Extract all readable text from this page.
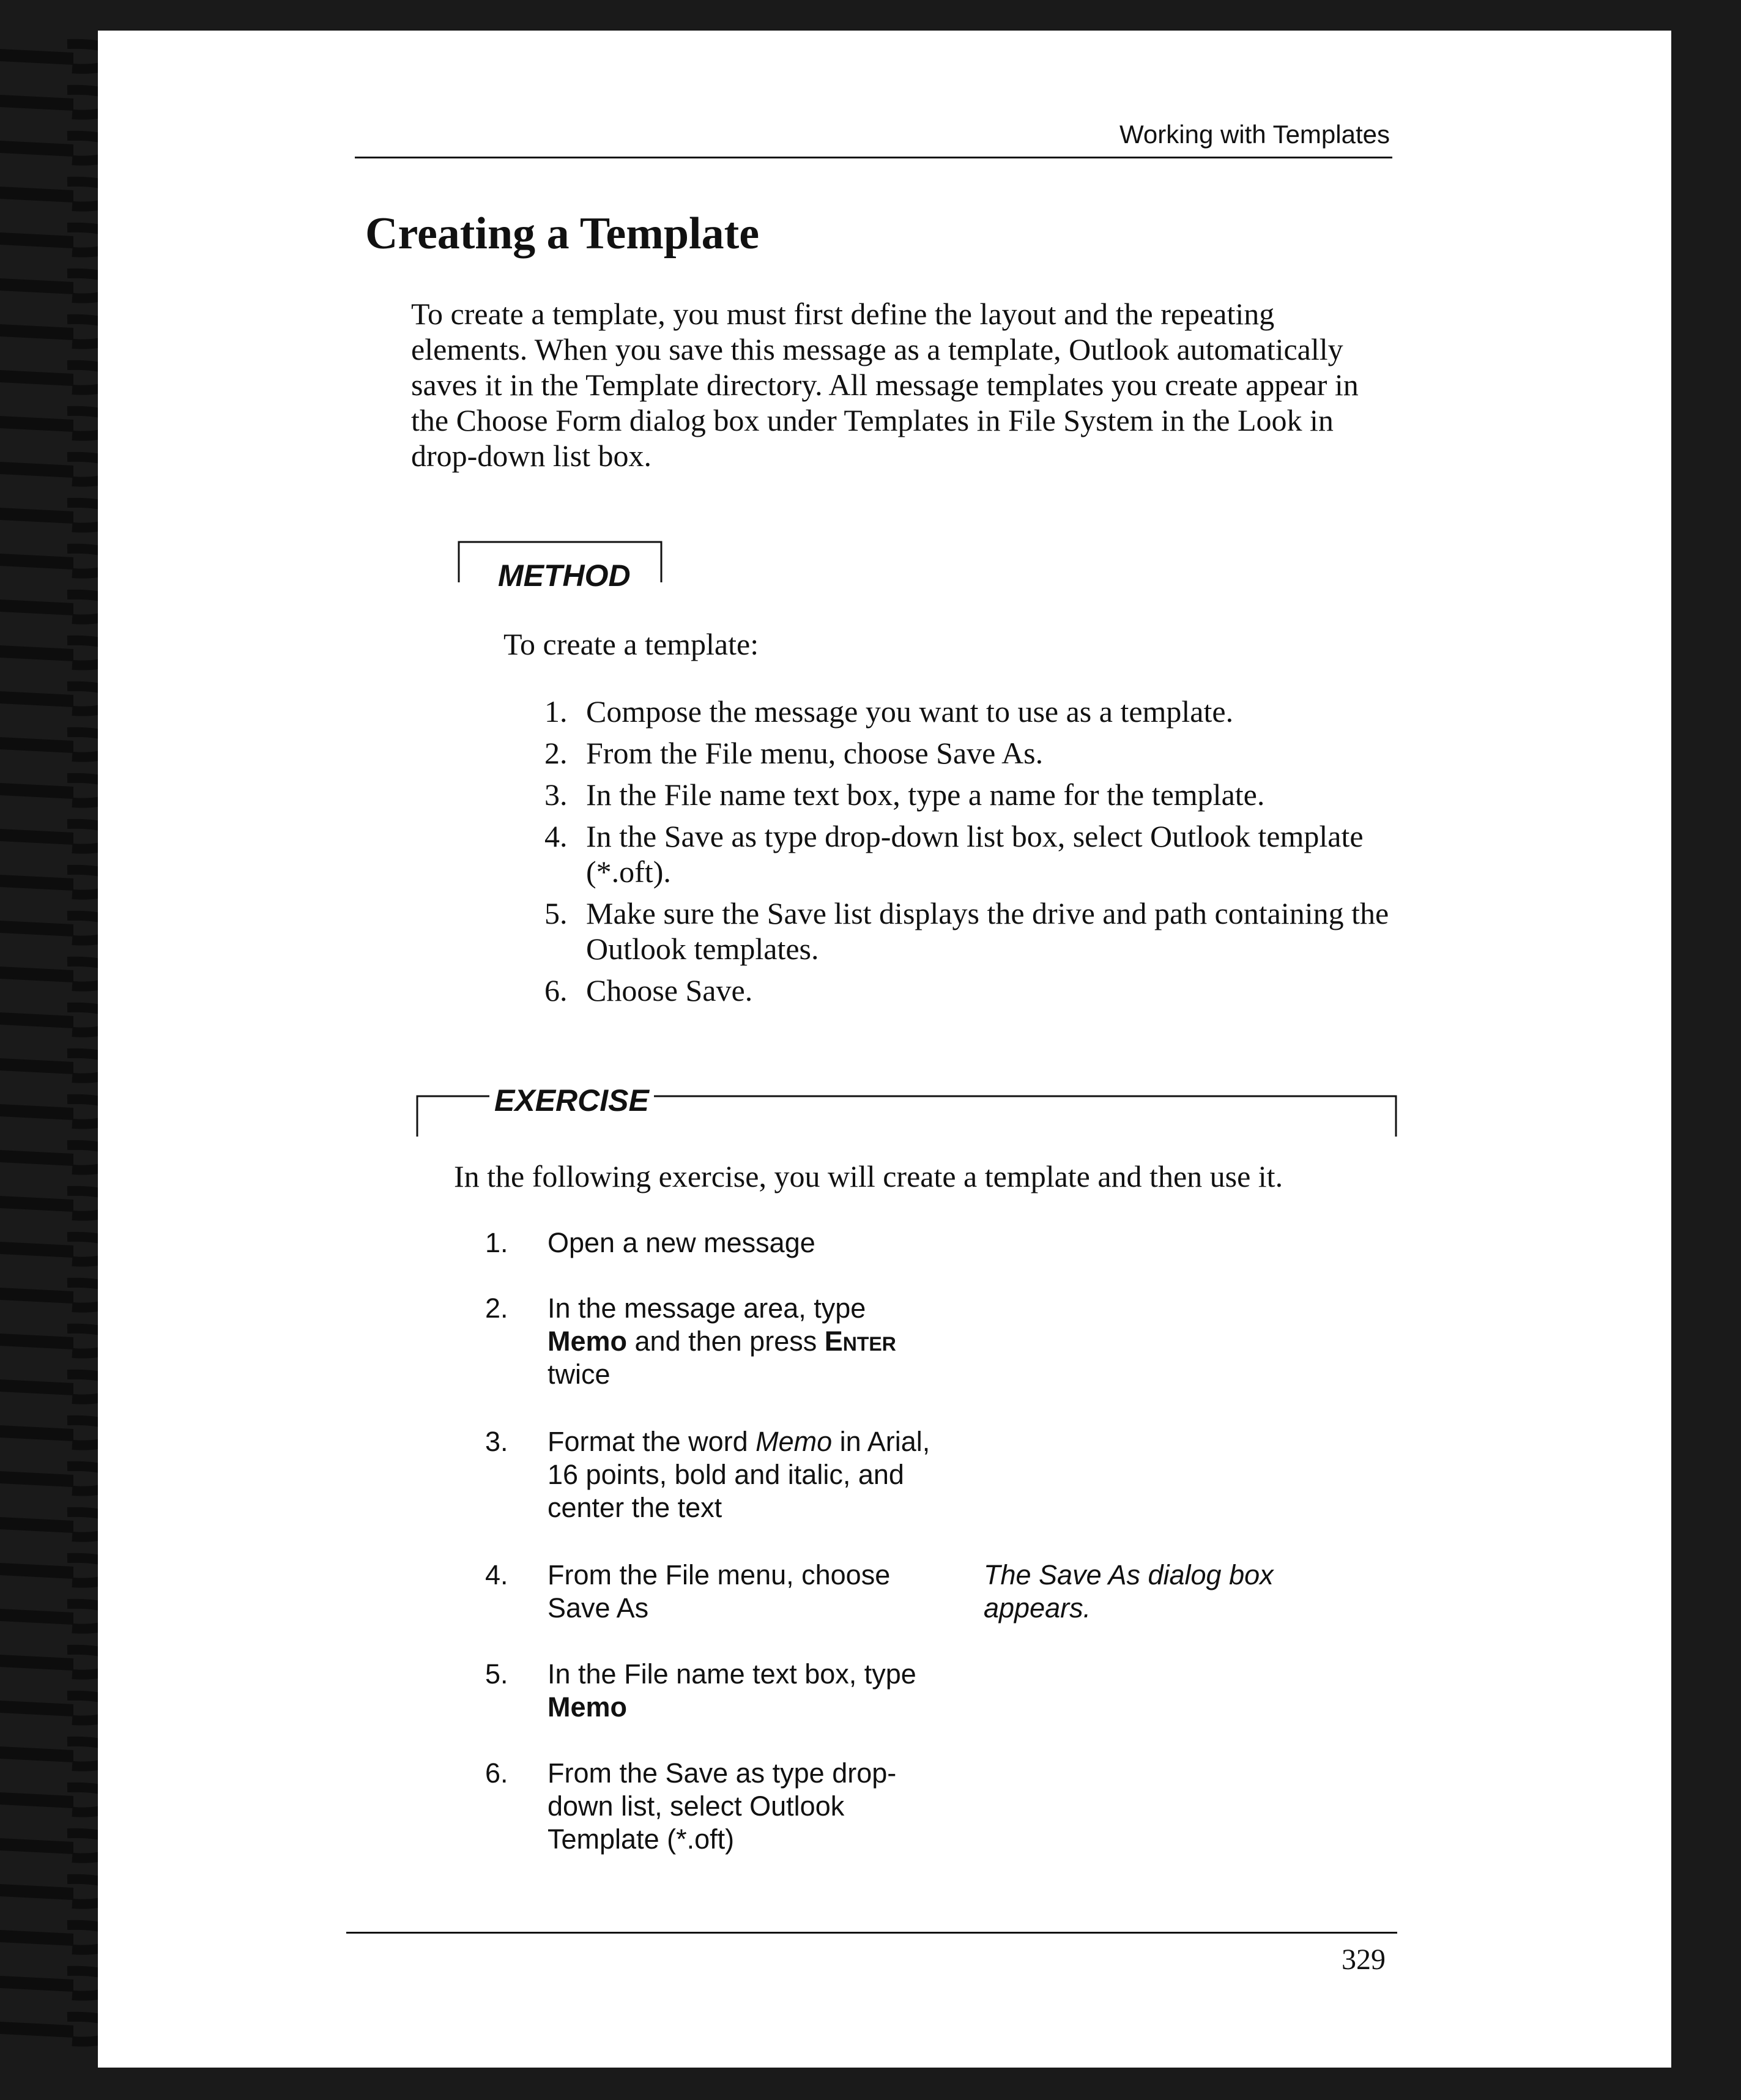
Working with Templates
Creating a Template

To create a template, you must first define the layout and the repeating elements. When you save this message as a template, Outlook automatically saves it in the Template directory. All message templates you create appear in the Choose Form dialog box under Templates in File System in the Look in drop-down list box.

METHOD

To create a template:

1. Compose the message you want to use as a template.
2. From the File menu, choose Save As.
3. In the File name text box, type a name for the template.
4. In the Save as type drop-down list box, select Outlook template (*.oft).
5. Make sure the Save list displays the drive and path containing the Outlook templates.
6. Choose Save.
EXERCISE

In the following exercise, you will create a template and then use it.

1. Open a new message
2. In the message area, type Memo and then press Enter twice
3. Format the word Memo in Arial, 16 points, bold and italic, and center the text
4. From the File menu, choose Save As
The Save As dialog box appears.
5. In the File name text box, type Memo
6. From the Save as type drop-down list, select Outlook Template (*.oft)
329
